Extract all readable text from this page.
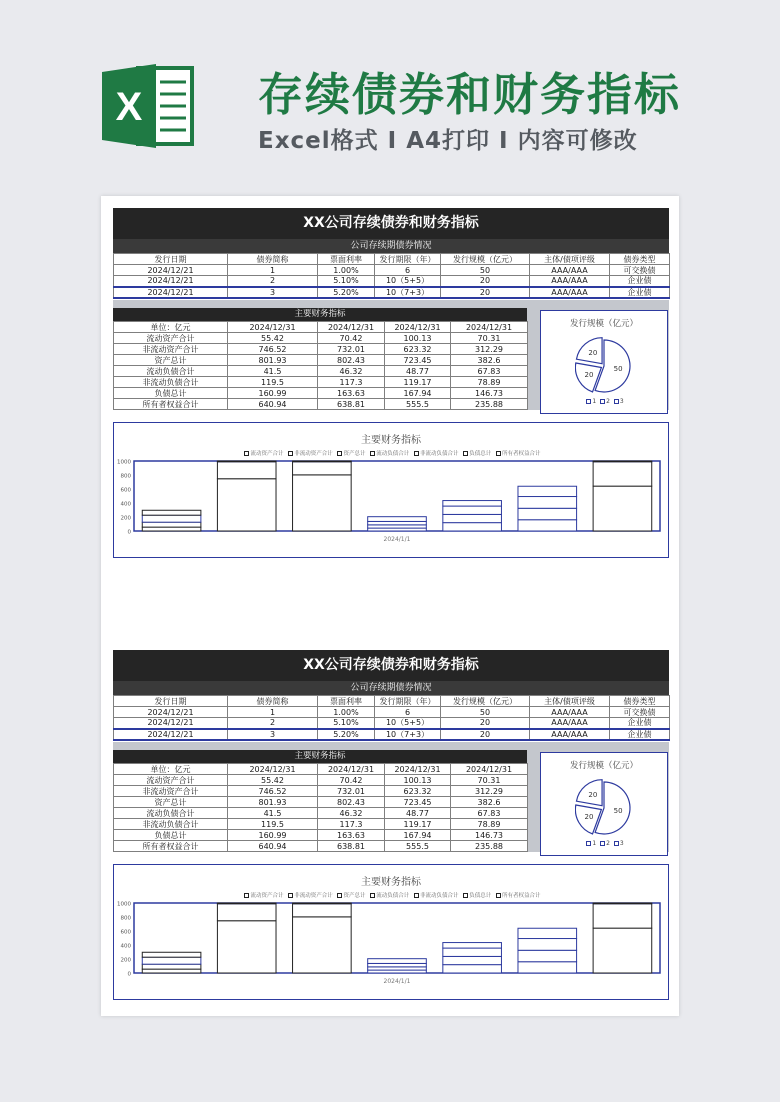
X	存续债券和财务指标
Excel格式 I A4打印 I 内容可修改
XX公司存续债券和财务指标
公司存续期债券情况
发行日期	债券简称	票面利率	发行期限（年）	发行规模（亿元）	主体/债项评级	债券类型
2024/12/21	1	1.00%	6	50	AAA/AAA	可交换债
2024/12/21	2	5.10%	10（5+5）	20	AAA/AAA	企业债
2024/12/21	3	5.20%	10（7+3）	20	AAA/AAA	企业债
主要财务指标
单位：亿元	2024/12/31	2024/12/31	2024/12/31	2024/12/31
流动资产合计	55.42	70.42	100.13	70.31
非流动资产合计	746.52	732.01	623.32	312.29
资产总计	801.93	802.43	723.45	382.6
流动负债合计	41.5	46.32	48.77	67.83
非流动负债合计	119.5	117.3	119.17	78.89
负债总计	160.99	163.63	167.94	146.73
所有者权益合计	640.94	638.81	555.5	235.88
发行规模（亿元）
50
20
20
1 2 3
主要财务指标
流动资产合计 非流动资产合计 资产总计 流动负债合计 非流动负债合计 负债总计 所有者权益合计
1000
800
600
400
200
0
2024/1/1
XX公司存续债券和财务指标
公司存续期债券情况
发行日期	债券简称	票面利率	发行期限（年）	发行规模（亿元）	主体/债项评级	债券类型
2024/12/21	1	1.00%	6	50	AAA/AAA	可交换债
2024/12/21	2	5.10%	10（5+5）	20	AAA/AAA	企业债
2024/12/21	3	5.20%	10（7+3）	20	AAA/AAA	企业债
主要财务指标
单位：亿元	2024/12/31	2024/12/31	2024/12/31	2024/12/31
流动资产合计	55.42	70.42	100.13	70.31
非流动资产合计	746.52	732.01	623.32	312.29
资产总计	801.93	802.43	723.45	382.6
流动负债合计	41.5	46.32	48.77	67.83
非流动负债合计	119.5	117.3	119.17	78.89
负债总计	160.99	163.63	167.94	146.73
所有者权益合计	640.94	638.81	555.5	235.88
发行规模（亿元）
50
20
20
1 2 3
主要财务指标
流动资产合计 非流动资产合计 资产总计 流动负债合计 非流动负债合计 负债总计 所有者权益合计
1000
800
600
400
200
0
2024/1/1
